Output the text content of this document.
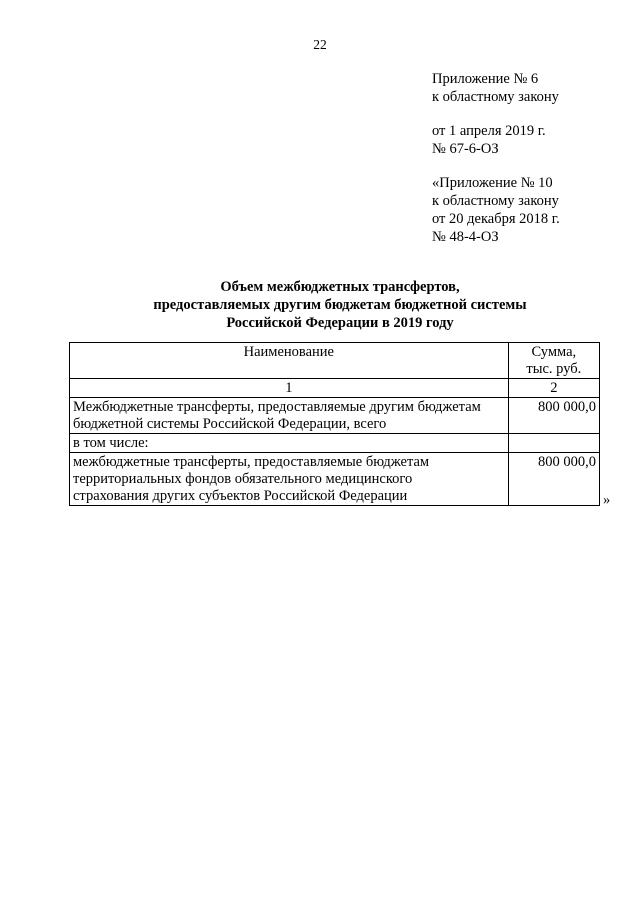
22
Приложение № 6
к областному закону
от 1 апреля 2019 г.
№ 67-6-ОЗ
«Приложение № 10
к областному закону
от 20 декабря 2018 г.
№ 48-4-ОЗ
Объем межбюджетных трансфертов,
предоставляемых другим бюджетам бюджетной системы
Российской Федерации в 2019 году
Наименование	Сумма,
тыс. руб.

1	2

Межбюджетные трансферты, предоставляемые другим бюджетам
бюджетной системы Российской Федерации, всего	800 000,0

в том числе:	

межбюджетные трансферты, предоставляемые бюджетам
территориальных фондов обязательного медицинского
страхования других субъектов Российской Федерации	800 000,0
»
